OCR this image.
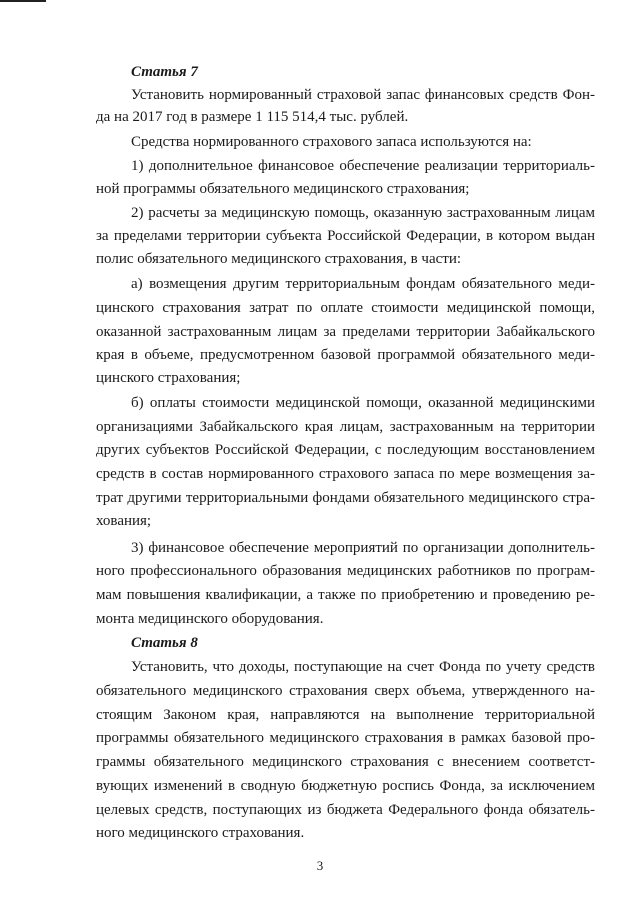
Статья 7
Установить нормированный страховой запас финансовых средств Фон-
да на 2017 год в размере 1 115 514,4 тыс. рублей.
Средства нормированного страхового запаса используются на:
1) дополнительное финансовое обеспечение реализации территориаль-
ной программы обязательного медицинского страхования;
2) расчеты за медицинскую помощь, оказанную застрахованным лицам
за пределами территории субъекта Российской Федерации, в котором выдан
полис обязательного медицинского страхования, в части:
а) возмещения другим территориальным фондам обязательного меди-
цинского страхования затрат по оплате стоимости медицинской помощи,
оказанной застрахованным лицам за пределами территории Забайкальского
края в объеме, предусмотренном базовой программой обязательного меди-
цинского страхования;
б) оплаты стоимости медицинской помощи, оказанной медицинскими
организациями Забайкальского края лицам, застрахованным на территории
других субъектов Российской Федерации, с последующим восстановлением
средств в состав нормированного страхового запаса по мере возмещения за-
трат другими территориальными фондами обязательного медицинского стра-
хования;
3) финансовое обеспечение мероприятий по организации дополнитель-
ного профессионального образования медицинских работников по програм-
мам повышения квалификации, а также по приобретению и проведению ре-
монта медицинского оборудования.
Статья 8
Установить, что доходы, поступающие на счет Фонда по учету средств
обязательного медицинского страхования сверх объема, утвержденного на-
стоящим Законом края, направляются на выполнение территориальной
программы обязательного медицинского страхования в рамках базовой про-
граммы обязательного медицинского страхования с внесением соответст-
вующих изменений в сводную бюджетную роспись Фонда, за исключением
целевых средств, поступающих из бюджета Федерального фонда обязатель-
ного медицинского страхования.
3
